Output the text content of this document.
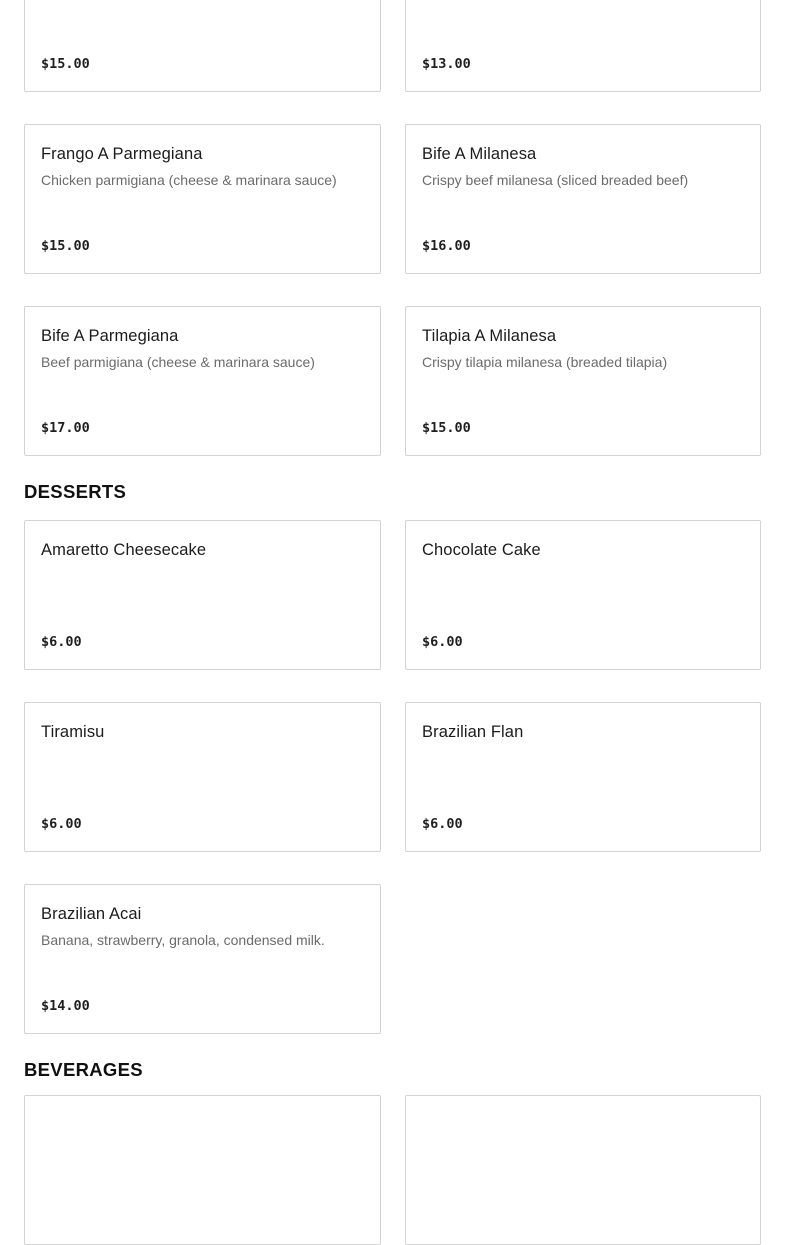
$15.00	$13.00
Frango A Parmegiana
Chicken parmigiana (cheese & marinara sauce)
$15.00
Bife A Milanesa
Crispy beef milanesa (sliced breaded beef)
$16.00
Bife A Parmegiana
Beef parmigiana (cheese & marinara sauce)
$17.00
Tilapia A Milanesa
Crispy tilapia milanesa (breaded tilapia)
$15.00
DESSERTS
Amaretto Cheesecake
$6.00
Chocolate Cake
$6.00
Tiramisu
$6.00
Brazilian Flan
$6.00
Brazilian Acai
Banana, strawberry, granola, condensed milk.
$14.00
BEVERAGES
